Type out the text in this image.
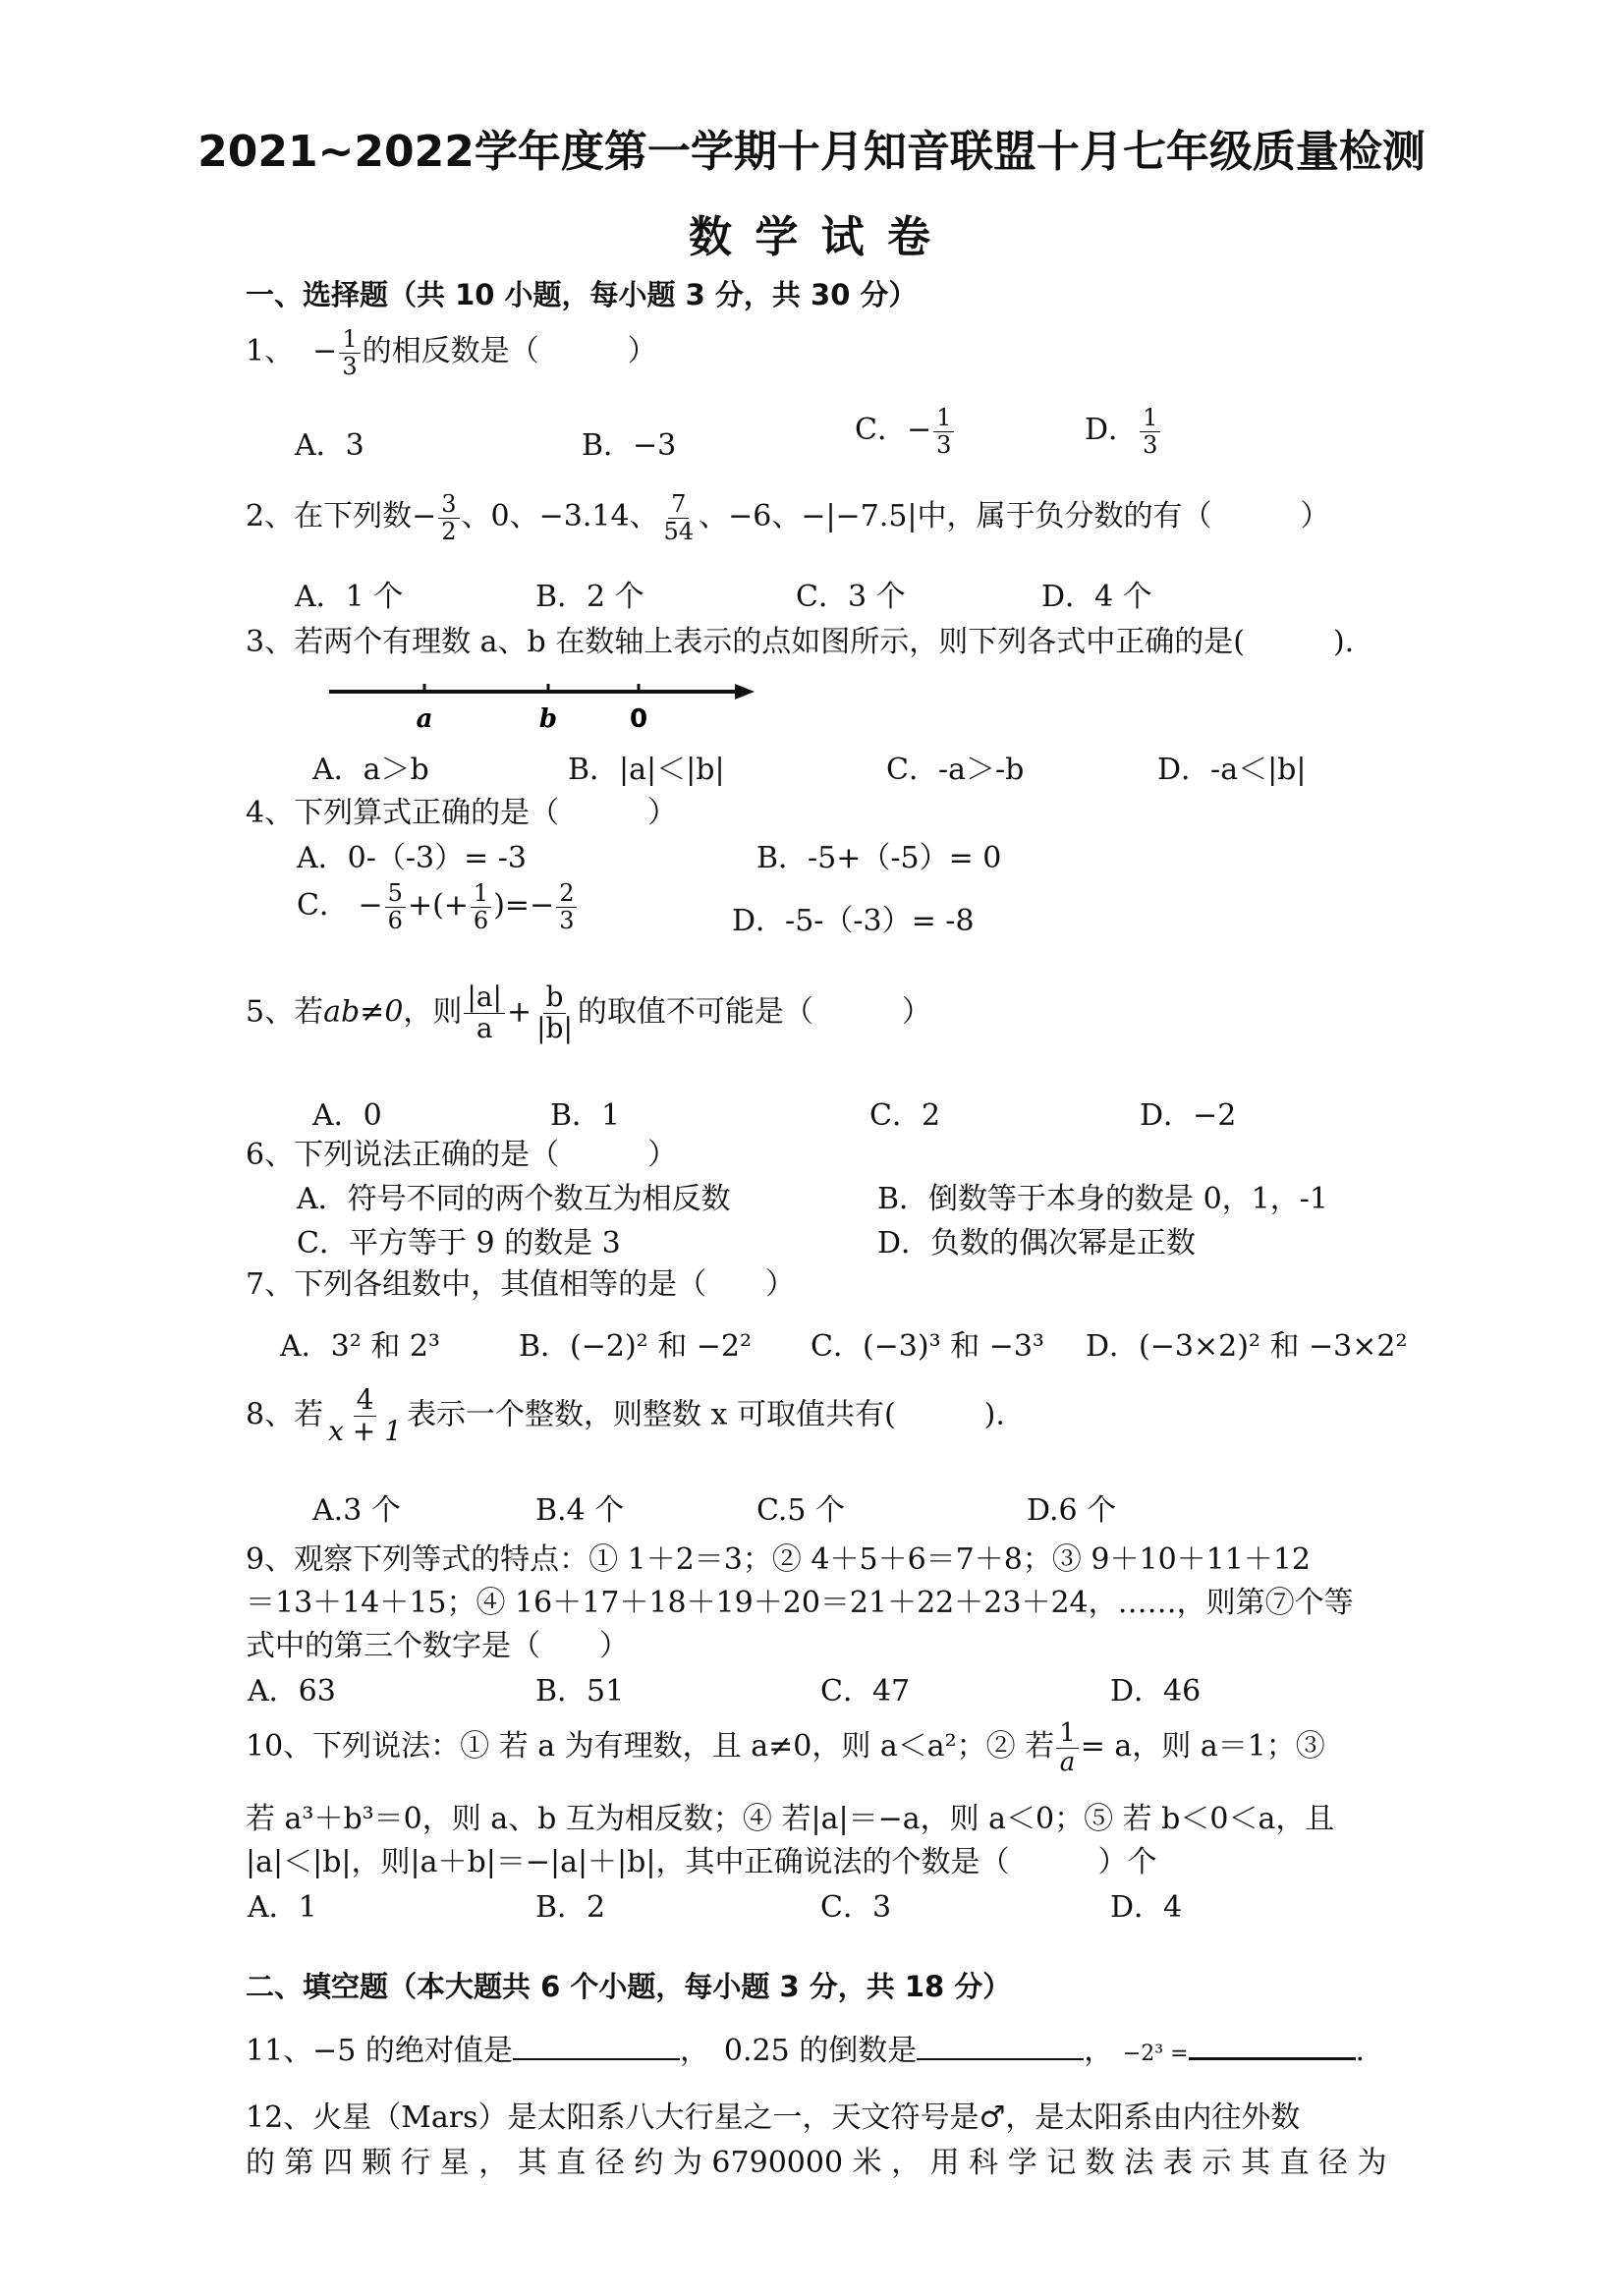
2021~2022学年度第一学期十月知音联盟十月七年级质量检测
数 学 试 卷
一、选择题（共 10 小题，每小题 3 分，共 30 分）
1、 − $\frac{1}{3}$ 的相反数是（　　　）
A．3	B．−3	C．− $\frac{1}{3}$	D． $\frac{1}{3}$
2、在下列数− $\frac{3}{2}$ 、0、−3.14、 $\frac{7}{54}$ 、−6、−|−7.5|中，属于负分数的有（　　　）
A．1 个	B．2 个	C．3 个	D．4 个
3、若两个有理数 a、b 在数轴上表示的点如图所示，则下列各式中正确的是(　　　).
a	b	0
A．a＞b	B．|a|＜|b|	C．-a＞-b	D．-a＜|b|
4、下列算式正确的是（　　　）
A．0-（-3）= -3	B．-5+（-5）= 0
C． − $\frac{5}{6}$ +(+ $\frac{1}{6}$ )=− $\frac{2}{3}$	D．-5-（-3）= -8
5、若ab≠0，则 $\frac{|a|}{a} + \frac{b}{|b|}$ 的取值不可能是（　　　）
A．0	B．1	C．2	D．−2
6、下列说法正确的是（　　　）
A．符号不同的两个数互为相反数	B．倒数等于本身的数是 0，1，-1
C．平方等于 9 的数是 3	D．负数的偶次幂是正数
7、下列各组数中，其值相等的是（　　）
A．3² 和 2³	B．(−2)² 和 −2² C．(−3)³ 和 −3³ D．(−3×2)² 和 −3×2²
8、若 $\frac{4}{x + 1}$ 表示一个整数，则整数 x 可取值共有(　　　).
A.3 个	B.4 个	C.5 个	D.6 个
9、观察下列等式的特点：① 1＋2＝3；② 4＋5＋6＝7＋8；③ 9＋10＋11＋12
＝13＋14＋15；④ 16＋17＋18＋19＋20＝21＋22＋23＋24，……，则第⑦个等
式中的第三个数字是（　　）
A．63	B．51	C．47	D．46
10、下列说法：① 若 a 为有理数，且 a≠0，则 a＜a²；② 若 $\frac{1}{a} = a$，则 a＝1；③
若 a³＋b³＝0，则 a、b 互为相反数；④ 若|a|＝−a，则 a＜0；⑤ 若 b＜0＜a，且
|a|＜|b|，则|a＋b|＝−|a|＋|b|，其中正确说法的个数是（　　　）个
A．1	B．2	C．3	D．4
二、填空题（本大题共 6 个小题，每小题 3 分，共 18 分）
11、−5 的绝对值是	，　0.25 的倒数是	， −2³ =	.
12、火星（Mars）是太阳系八大行星之一，天文符号是♂，是太阳系由内往外数
的 第 四 颗 行 星 ， 其 直 径 约 为 6790000 米 ， 用 科 学 记 数 法 表 示 其 直 径 为
